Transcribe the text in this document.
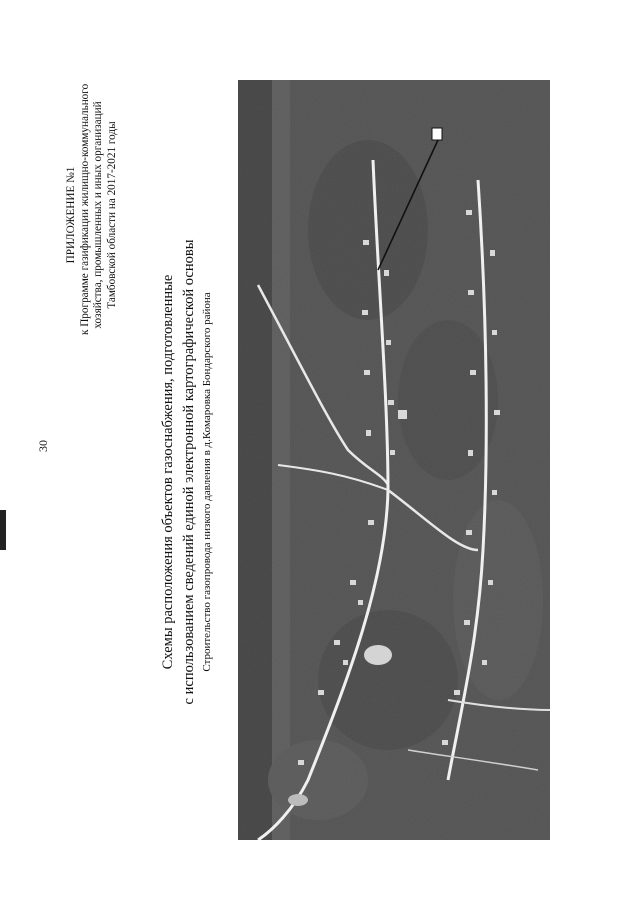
30
ПРИЛОЖЕНИЕ №1 к Программе газификации жилищно-коммунального хозяйства, промышленных и иных организаций Тамбовской области на 2017-2021 годы
Схемы расположения объектов газоснабжения, подготовленные с использованием сведений единой электронной картографической основы Строительство газопровода низкого давления в д.Комаровка Бондарского района
